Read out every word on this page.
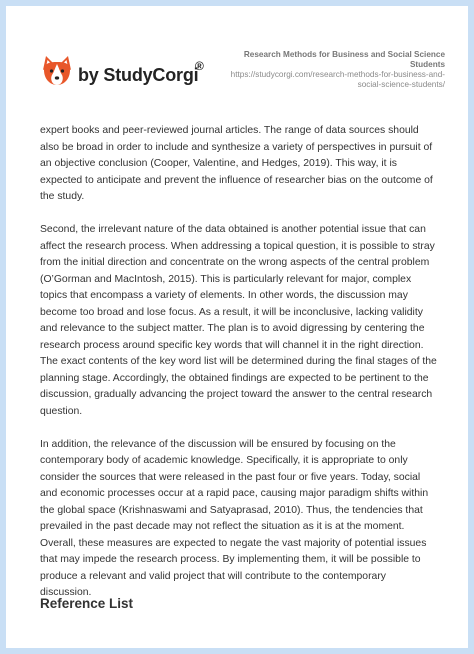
by StudyCorgi
®
Research Methods for Business and Social Science Students
https://studycorgi.com/research-methods-for-business-and-social-science-students/

expert books and peer-reviewed journal articles. The range of data sources should also be broad in order to include and synthesize a variety of perspectives in pursuit of an objective conclusion (Cooper, Valentine, and Hedges, 2019). This way, it is expected to anticipate and prevent the influence of researcher bias on the outcome of the study.

Second, the irrelevant nature of the data obtained is another potential issue that can affect the research process. When addressing a topical question, it is possible to stray from the initial direction and concentrate on the wrong aspects of the central problem (O’Gorman and MacIntosh, 2015). This is particularly relevant for major, complex topics that encompass a variety of elements. In other words, the discussion may become too broad and lose focus. As a result, it will be inconclusive, lacking validity and relevance to the subject matter. The plan is to avoid digressing by centering the research process around specific key words that will channel it in the right direction. The exact contents of the key word list will be determined during the final stages of the planning stage. Accordingly, the obtained findings are expected to be pertinent to the discussion, gradually advancing the project toward the answer to the central research question.

In addition, the relevance of the discussion will be ensured by focusing on the contemporary body of academic knowledge. Specifically, it is appropriate to only consider the sources that were released in the past four or five years. Today, social and economic processes occur at a rapid pace, causing major paradigm shifts within the global space (Krishnaswami and Satyaprasad, 2010). Thus, the tendencies that prevailed in the past decade may not reflect the situation as it is at the moment. Overall, these measures are expected to negate the vast majority of potential issues that may impede the research process. By implementing them, it will be possible to produce a relevant and valid project that will contribute to the contemporary discussion.

Reference List
